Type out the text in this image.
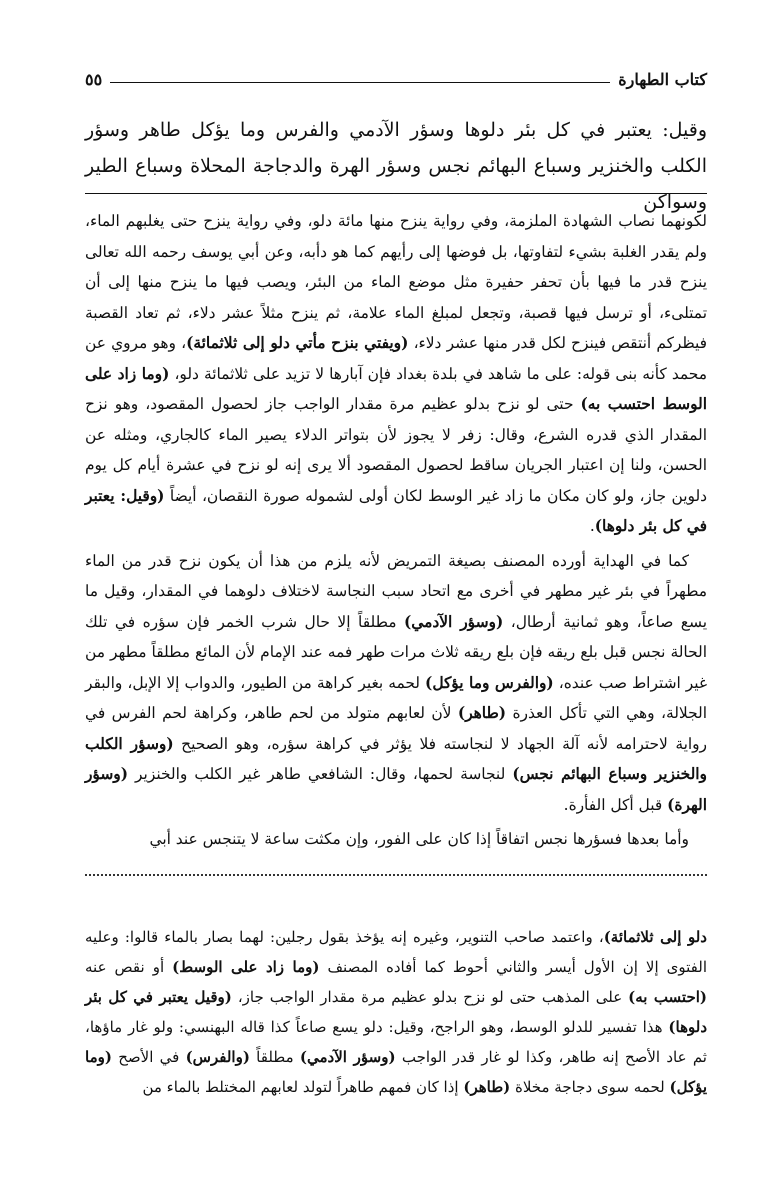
كتاب الطهارة
٥٥
وقيل: يعتبر في كل بئر دلوها وسؤر الآدمي والفرس وما يؤكل طاهر وسؤر الكلب والخنزير وسباع البهائم نجس وسؤر الهرة والدجاجة المحلاة وسباع الطير وسواكن

لكونهما نصاب الشهادة الملزمة، وفي رواية ينزح منها مائة دلو، وفي رواية ينزح حتى يغلبهم الماء، ولم يقدر الغلبة بشيء لتفاوتها، بل فوضها إلى رأيهم كما هو دأبه، وعن أبي يوسف رحمه الله تعالى ينزح قدر ما فيها بأن تحفر حفيرة مثل موضع الماء من البئر، ويصب فيها ما ينزح منها إلى أن تمتلىء، أو ترسل فيها قصبة، وتجعل لمبلغ الماء علامة، ثم ينزح مثلاً عشر دلاء، ثم تعاد القصبة فيظركم أنتقص فينزح لكل قدر منها عشر دلاء، (ويفتي بنزح مأتي دلو إلى ثلاثمائة)، وهو مروي عن محمد كأنه بنى قوله: على ما شاهد في بلدة بغداد فإن آبارها لا تزيد على ثلاثمائة دلو، (وما زاد على الوسط احتسب به) حتى لو نزح بدلو عظيم مرة مقدار الواجب جاز لحصول المقصود، وهو نزح المقدار الذي قدره الشرع، وقال: زفر لا يجوز لأن بتواتر الدلاء يصير الماء كالجاري، ومثله عن الحسن، ولنا إن اعتبار الجريان ساقط لحصول المقصود ألا يرى إنه لو نزح في عشرة أيام كل يوم دلوين جاز، ولو كان مكان ما زاد غير الوسط لكان أولى لشموله صورة النقصان، أيضاً (وقيل: يعتبر في كل بئر دلوها).

كما في الهداية أورده المصنف بصيغة التمريض لأنه يلزم من هذا أن يكون نزح قدر من الماء مطهراً في بئر غير مطهر في أخرى مع اتحاد سبب النجاسة لاختلاف دلوهما في المقدار، وقيل ما يسع صاعاً، وهو ثمانية أرطال، (وسؤر الآدمي) مطلقاً إلا حال شرب الخمر فإن سؤره في تلك الحالة نجس قبل بلع ريقه فإن بلع ريقه ثلاث مرات طهر فمه عند الإمام لأن المائع مطلقاً مطهر من غير اشتراط صب عنده، (والفرس وما يؤكل) لحمه بغير كراهة من الطيور، والدواب إلا الإبل، والبقر الجلالة، وهي التي تأكل العذرة (طاهر) لأن لعابهم متولد من لحم طاهر، وكراهة لحم الفرس في رواية لاحترامه لأنه آلة الجهاد لا لنجاسته فلا يؤثر في كراهة سؤره، وهو الصحيح (وسؤر الكلب والخنزير وسباع البهائم نجس) لنجاسة لحمها، وقال: الشافعي طاهر غير الكلب والخنزير (وسؤر الهرة) قبل أكل الفأرة.

وأما بعدها فسؤرها نجس اتفاقاً إذا كان على الفور، وإن مكثت ساعة لا يتنجس عند أبي

دلو إلى ثلاثمائة)، واعتمد صاحب التنوير، وغيره إنه يؤخذ بقول رجلين: لهما بصار بالماء قالوا: وعليه الفتوى إلا إن الأول أيسر والثاني أحوط كما أفاده المصنف (وما زاد على الوسط) أو نقص عنه (احتسب به) على المذهب حتى لو نزح بدلو عظيم مرة مقدار الواجب جاز، (وقيل يعتبر في كل بئر دلوها) هذا تفسير للدلو الوسط، وهو الراجح، وقيل: دلو يسع صاعاً كذا قاله البهنسي: ولو غار ماؤها، ثم عاد الأصح إنه طاهر، وكذا لو غار قدر الواجب (وسؤر الآدمي) مطلقاً (والفرس) في الأصح (وما يؤكل) لحمه سوى دجاجة مخلاة (طاهر) إذا كان فمهم طاهراً لتولد لعابهم المختلط بالماء من
